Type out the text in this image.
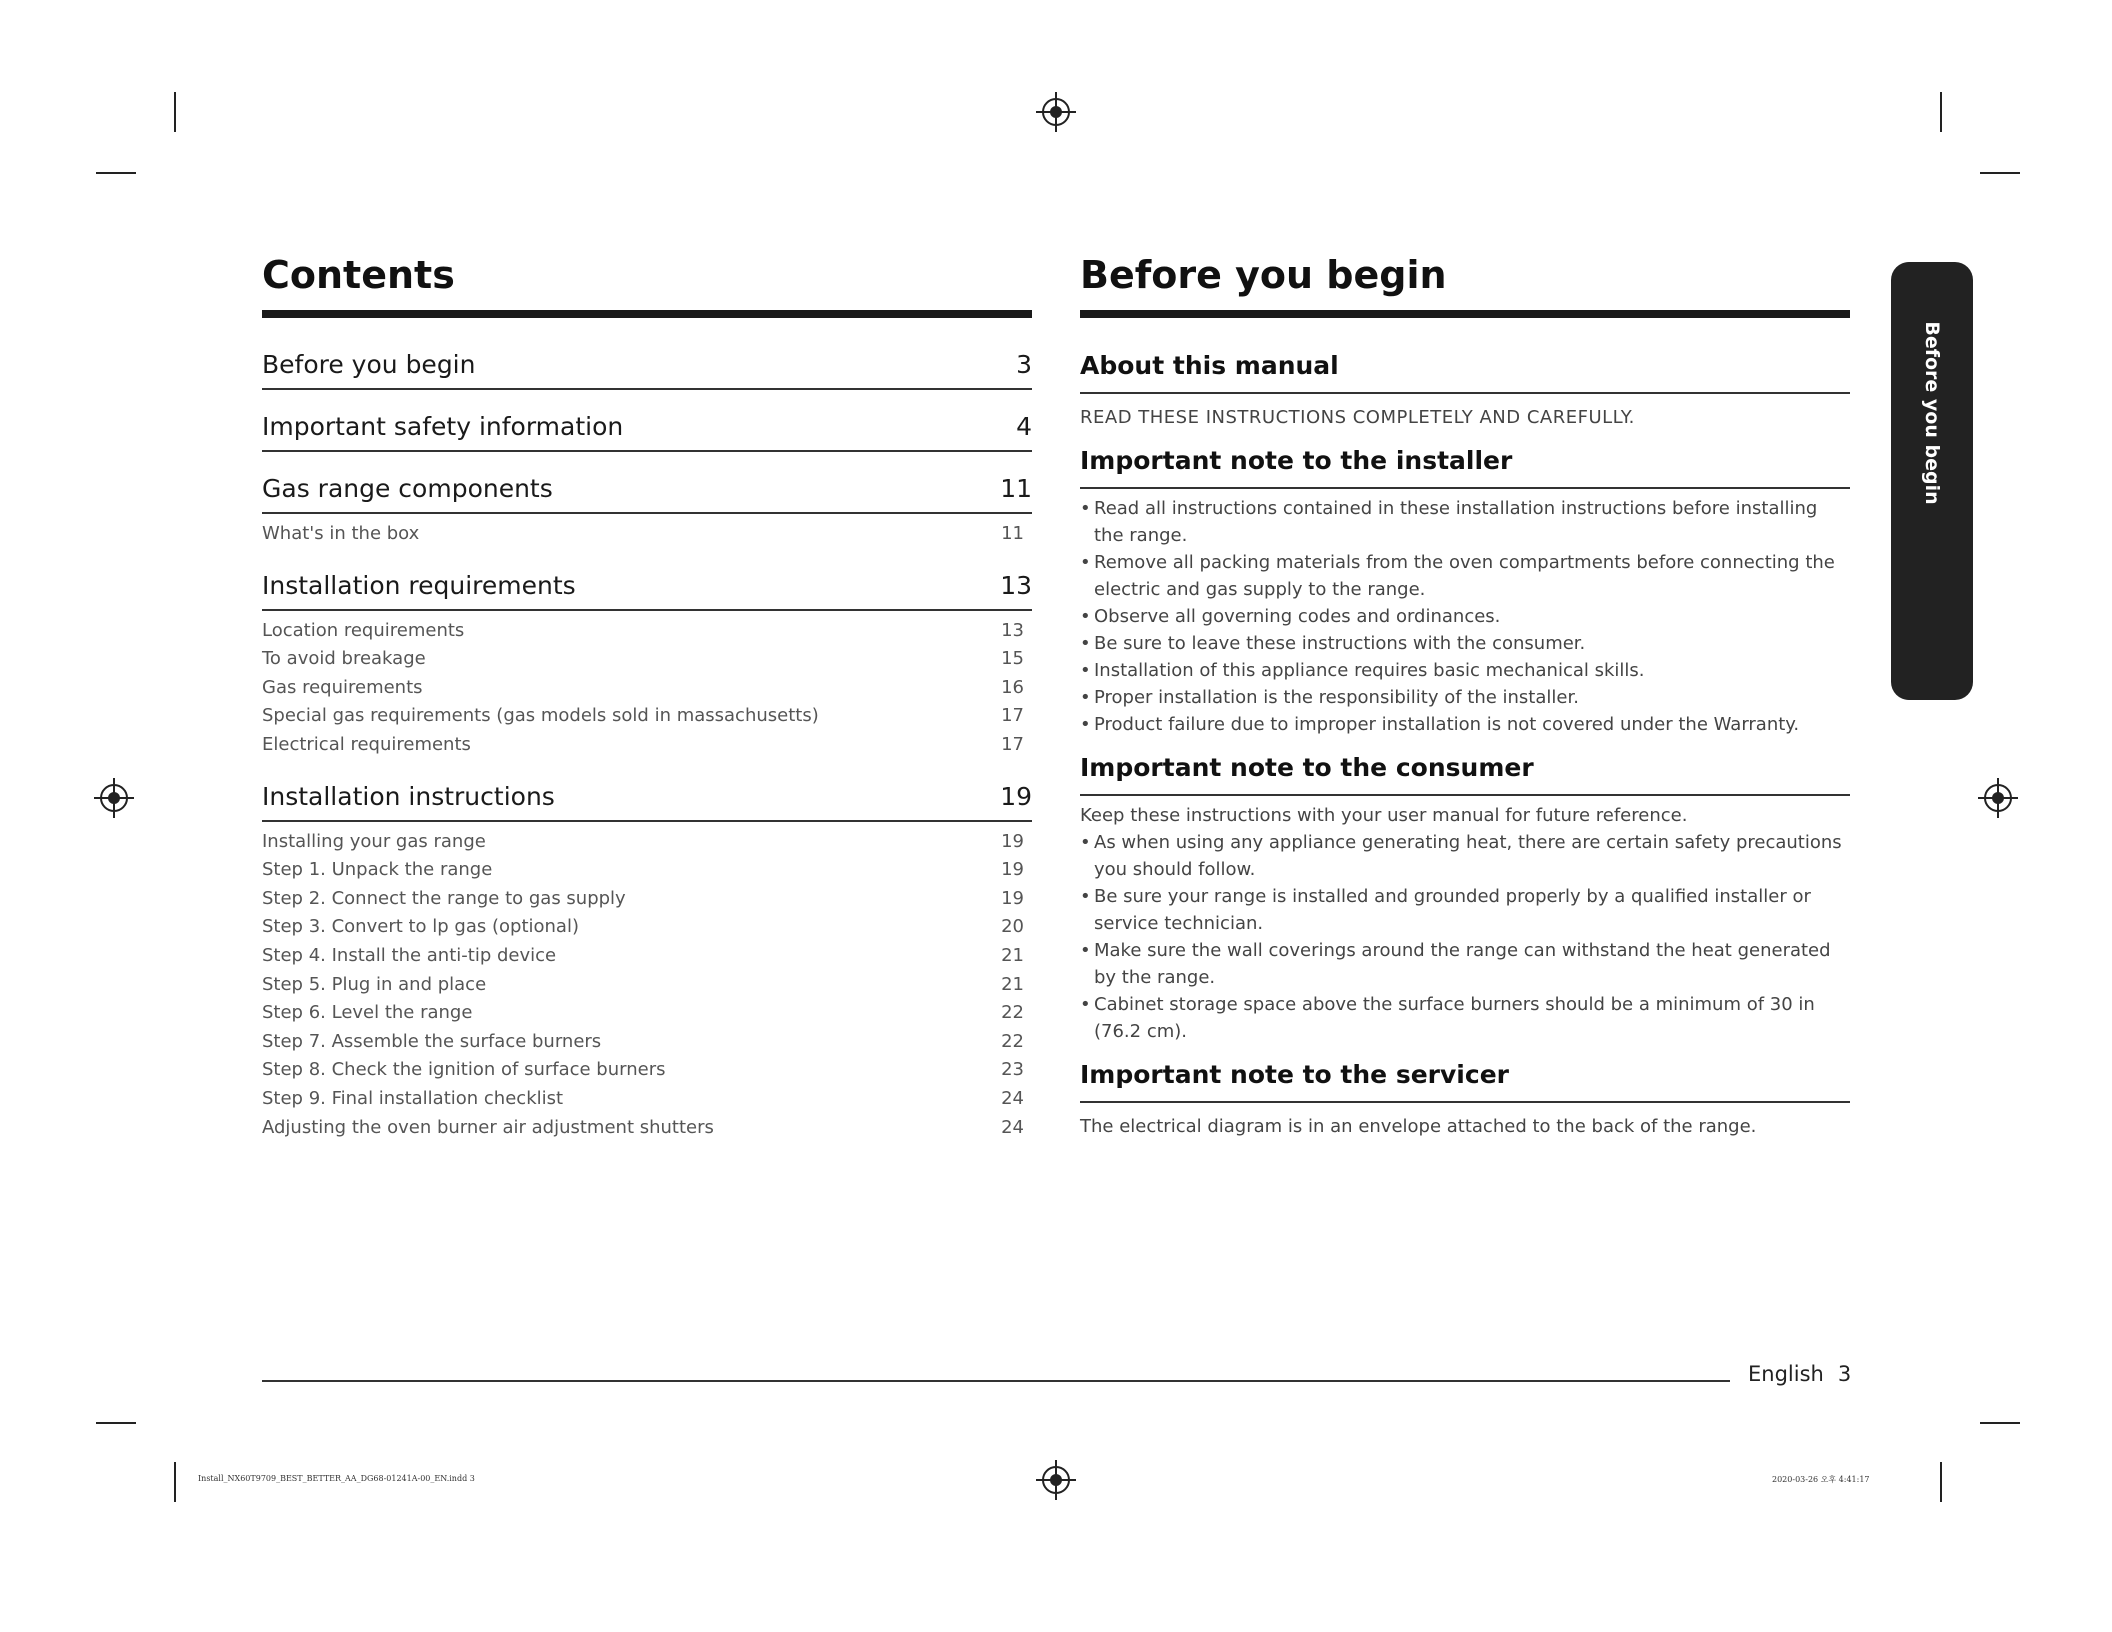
Contents
Before you begin	3
Important safety information	4
Gas range components	11
What's in the box	11
Installation requirements	13
Location requirements	13
To avoid breakage	15
Gas requirements	16
Special gas requirements (gas models sold in massachusetts)	17
Electrical requirements	17
Installation instructions	19
Installing your gas range	19
Step 1. Unpack the range	19
Step 2. Connect the range to gas supply	19
Step 3. Convert to lp gas (optional)	20
Step 4. Install the anti-tip device	21
Step 5. Plug in and place	21
Step 6. Level the range	22
Step 7. Assemble the surface burners	22
Step 8. Check the ignition of surface burners	23
Step 9. Final installation checklist	24
Adjusting the oven burner air adjustment shutters	24
Before you begin
About this manual
READ THESE INSTRUCTIONS COMPLETELY AND CAREFULLY.
Important note to the installer
• Read all instructions contained in these installation instructions before installing the range.
• Remove all packing materials from the oven compartments before connecting the electric and gas supply to the range.
• Observe all governing codes and ordinances.
• Be sure to leave these instructions with the consumer.
• Installation of this appliance requires basic mechanical skills.
• Proper installation is the responsibility of the installer.
• Product failure due to improper installation is not covered under the Warranty.
Important note to the consumer
Keep these instructions with your user manual for future reference.
• As when using any appliance generating heat, there are certain safety precautions you should follow.
• Be sure your range is installed and grounded properly by a qualified installer or service technician.
• Make sure the wall coverings around the range can withstand the heat generated by the range.
• Cabinet storage space above the surface burners should be a minimum of 30 in (76.2 cm).
Important note to the servicer
The electrical diagram is in an envelope attached to the back of the range.
Before you begin
English 3
Install_NX60T9709_BEST_BETTER_AA_DG68-01241A-00_EN.indd 3	2020-03-26 오후 4:41:17
